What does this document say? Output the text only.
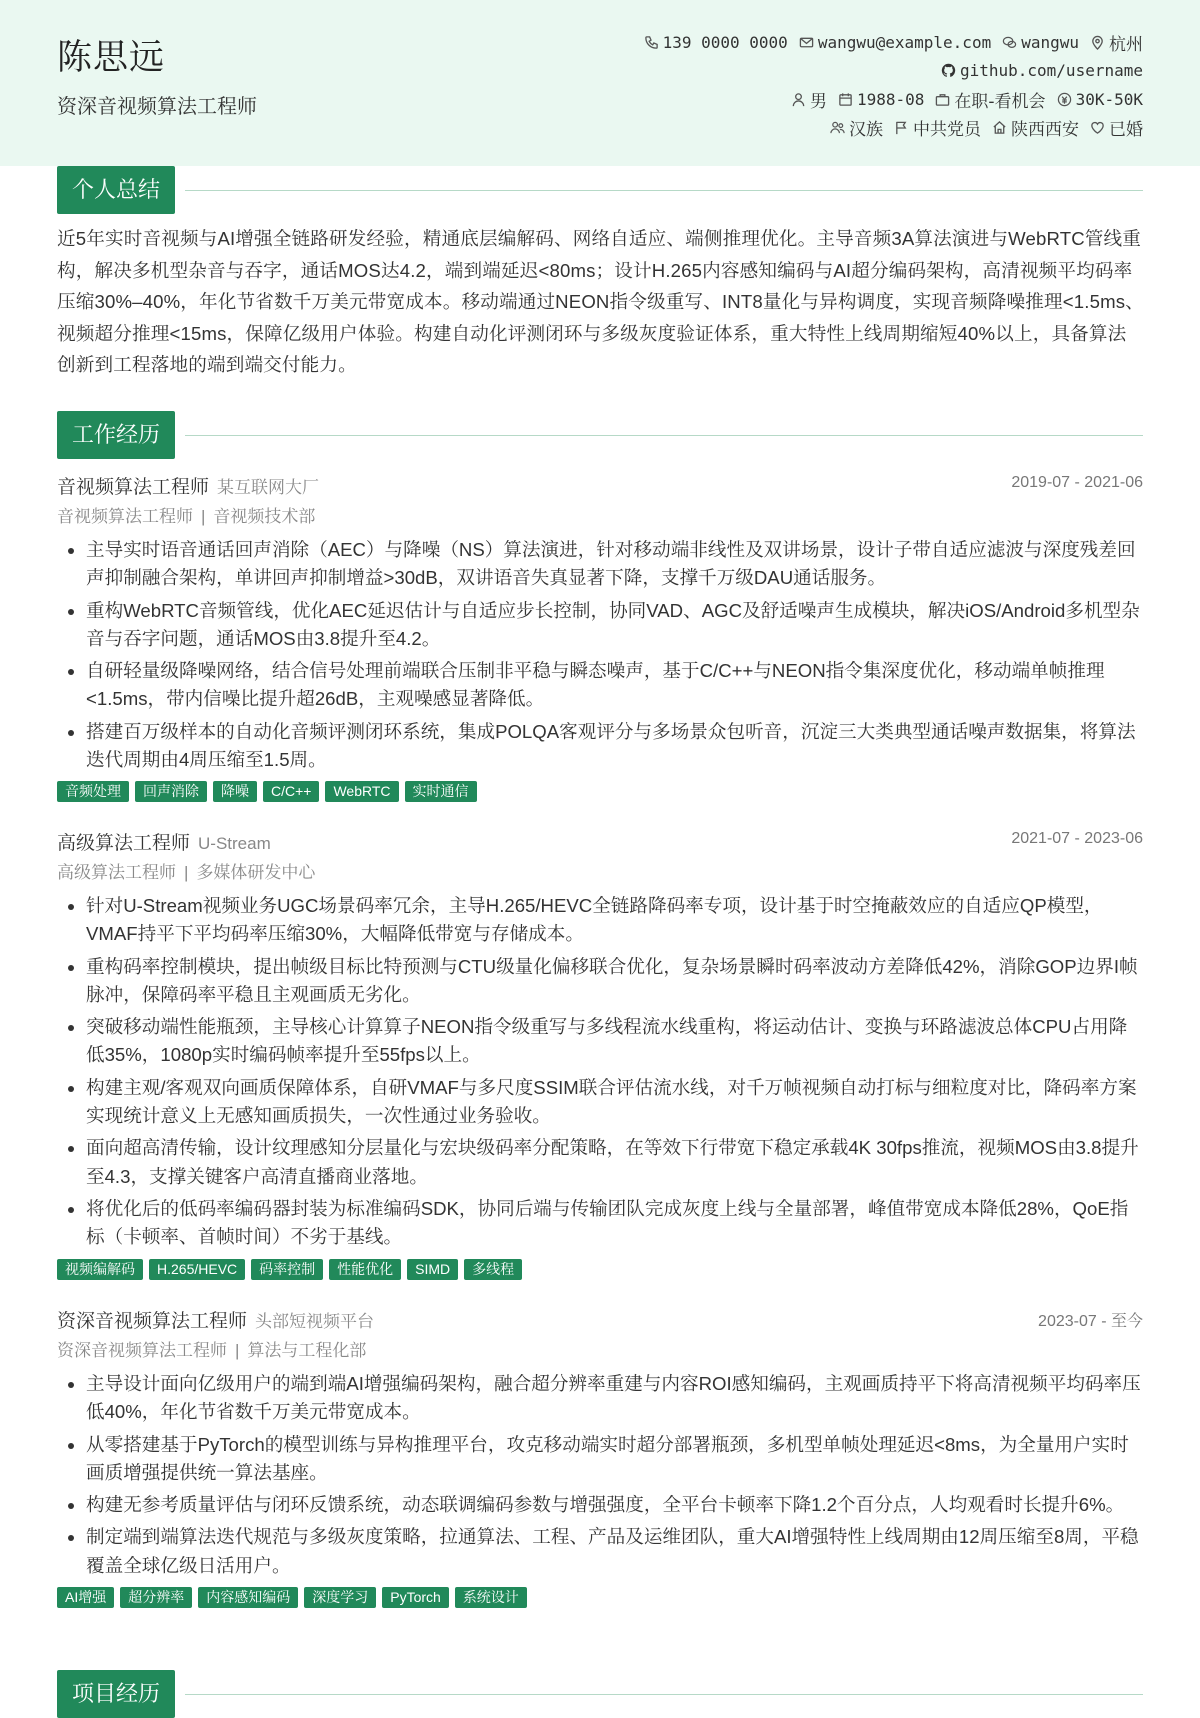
陈思远
资深音视频算法工程师
139 0000 0000 wangwu@example.com wangwu 杭州
github.com/username
男 1988-08 在职-看机会 30K-50K
汉族 中共党员 陕西西安 已婚
个人总结

近5年实时音视频与AI增强全链路研发经验，精通底层编解码、网络自适应、端侧推理优化。主导音频3A算法演进与WebRTC管线重构，解决多机型杂音与吞字，通话MOS达4.2，端到端延迟<80ms；设计H.265内容感知编码与AI超分编码架构，高清视频平均码率压缩30%–40%，年化节省数千万美元带宽成本。移动端通过NEON指令级重写、INT8量化与异构调度，实现音频降噪推理<1.5ms、视频超分推理<15ms，保障亿级用户体验。构建自动化评测闭环与多级灰度验证体系，重大特性上线周期缩短40%以上，具备算法创新到工程落地的端到端交付能力。

工作经历
音视频算法工程师 某互联网大厂	2019-07 - 2021-06
音视频算法工程师 | 音视频技术部
• 主导实时语音通话回声消除（AEC）与降噪（NS）算法演进，针对移动端非线性及双讲场景，设计子带自适应滤波与深度残差回声抑制融合架构，单讲回声抑制增益>30dB，双讲语音失真显著下降，支撑千万级DAU通话服务。
• 重构WebRTC音频管线，优化AEC延迟估计与自适应步长控制，协同VAD、AGC及舒适噪声生成模块，解决iOS/Android多机型杂音与吞字问题，通话MOS由3.8提升至4.2。
• 自研轻量级降噪网络，结合信号处理前端联合压制非平稳与瞬态噪声，基于C/C++与NEON指令集深度优化，移动端单帧推理<1.5ms，带内信噪比提升超26dB，主观噪感显著降低。
• 搭建百万级样本的自动化音频评测闭环系统，集成POLQA客观评分与多场景众包听音，沉淀三大类典型通话噪声数据集，将算法迭代周期由4周压缩至1.5周。
音频处理	回声消除	降噪	C/C++	WebRTC	实时通信
高级算法工程师 U-Stream	2021-07 - 2023-06
高级算法工程师 | 多媒体研发中心
• 针对U-Stream视频业务UGC场景码率冗余，主导H.265/HEVC全链路降码率专项，设计基于时空掩蔽效应的自适应QP模型，VMAF持平下平均码率压缩30%，大幅降低带宽与存储成本。
• 重构码率控制模块，提出帧级目标比特预测与CTU级量化偏移联合优化，复杂场景瞬时码率波动方差降低42%，消除GOP边界I帧脉冲，保障码率平稳且主观画质无劣化。
• 突破移动端性能瓶颈，主导核心计算算子NEON指令级重写与多线程流水线重构，将运动估计、变换与环路滤波总体CPU占用降低35%，1080p实时编码帧率提升至55fps以上。
• 构建主观/客观双向画质保障体系，自研VMAF与多尺度SSIM联合评估流水线，对千万帧视频自动打标与细粒度对比，降码率方案实现统计意义上无感知画质损失，一次性通过业务验收。
• 面向超高清传输，设计纹理感知分层量化与宏块级码率分配策略，在等效下行带宽下稳定承载4K 30fps推流，视频MOS由3.8提升至4.3，支撑关键客户高清直播商业落地。
• 将优化后的低码率编码器封装为标准编码SDK，协同后端与传输团队完成灰度上线与全量部署，峰值带宽成本降低28%，QoE指标（卡顿率、首帧时间）不劣于基线。
视频编解码	H.265/HEVC	码率控制	性能优化	SIMD	多线程
资深音视频算法工程师 头部短视频平台	2023-07 - 至今
资深音视频算法工程师 | 算法与工程化部
• 主导设计面向亿级用户的端到端AI增强编码架构，融合超分辨率重建与内容ROI感知编码，主观画质持平下将高清视频平均码率压低40%，年化节省数千万美元带宽成本。
• 从零搭建基于PyTorch的模型训练与异构推理平台，攻克移动端实时超分部署瓶颈，多机型单帧处理延迟<8ms，为全量用户实时画质增强提供统一算法基座。
• 构建无参考质量评估与闭环反馈系统，动态联调编码参数与增强强度，全平台卡顿率下降1.2个百分点，人均观看时长提升6%。
• 制定端到端算法迭代规范与多级灰度策略，拉通算法、工程、产品及运维团队，重大AI增强特性上线周期由12周压缩至8周，平稳覆盖全球亿级日活用户。
AI增强	超分辨率	内容感知编码	深度学习	PyTorch	系统设计
项目经历
